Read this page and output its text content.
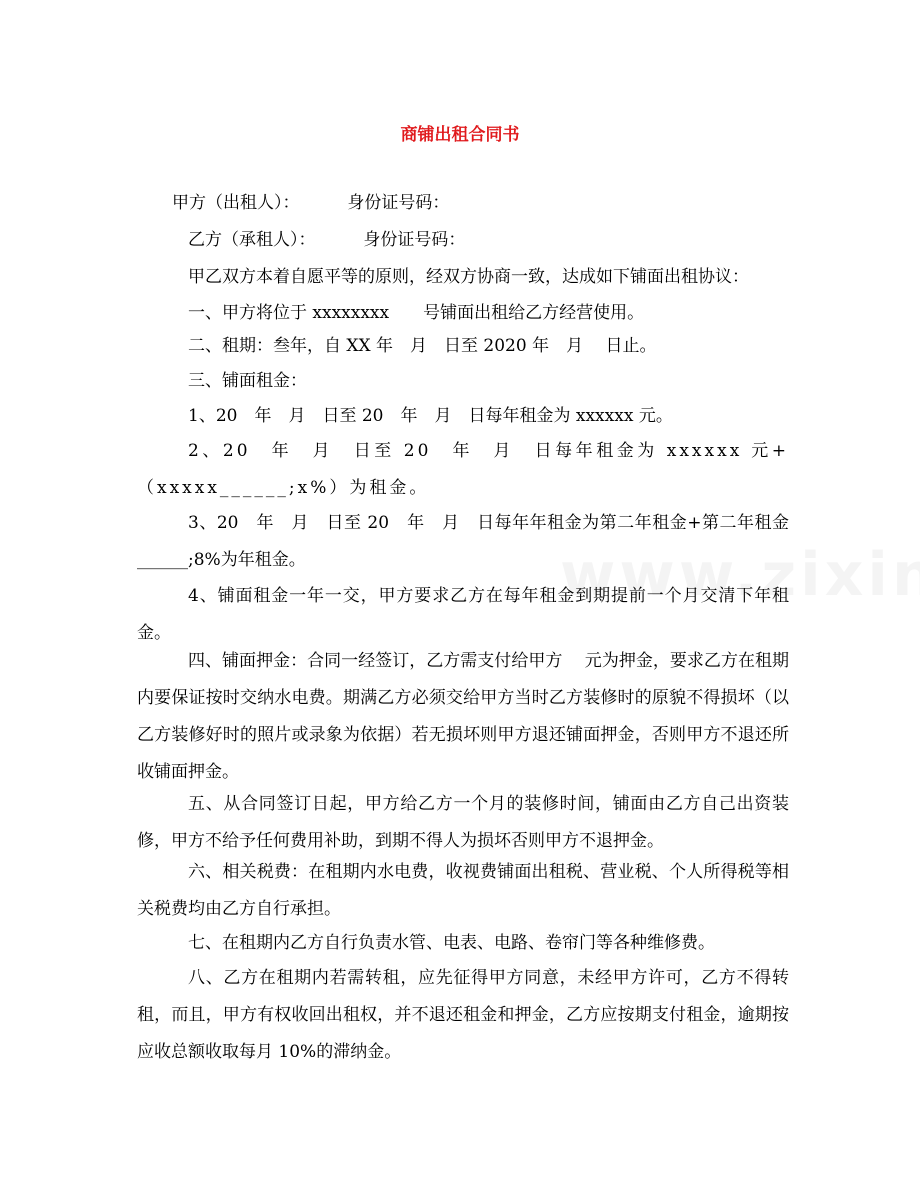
商铺出租合同书
甲方（出租人）：　　　 身份证号码：
乙方（承租人）：　　　 身份证号码：
甲乙双方本着自愿平等的原则，经双方协商一致，达成如下铺面出租协议：
一、甲方将位于 xxxxxxxx　　号铺面出租给乙方经营使用。
二、租期：叁年，自 XX 年　月　日至 2020 年　月　 日止。
三、铺面租金：
1、20　年　月　日至 20　年　月　日每年租金为 xxxxxx 元。
2、20　年　月　日至 20　年　月　日每年租金为 xxxxxx 元+（xxxxx______;x%）为租金。
3、20　年　月　日至 20　年　月　日每年年租金为第二年租金+第二年租金______;8%为年租金。
4、铺面租金一年一交，甲方要求乙方在每年租金到期提前一个月交清下年租金。
四、铺面押金：合同一经签订，乙方需支付给甲方　 元为押金，要求乙方在租期内要保证按时交纳水电费。期满乙方必须交给甲方当时乙方装修时的原貌不得损坏（以乙方装修好时的照片或录象为依据）若无损坏则甲方退还铺面押金，否则甲方不退还所收铺面押金。
五、从合同签订日起，甲方给乙方一个月的装修时间，铺面由乙方自己出资装修，甲方不给予任何费用补助，到期不得人为损坏否则甲方不退押金。
六、相关税费：在租期内水电费，收视费铺面出租税、营业税、个人所得税等相关税费均由乙方自行承担。
七、在租期内乙方自行负责水管、电表、电路、卷帘门等各种维修费。
八、乙方在租期内若需转租，应先征得甲方同意，未经甲方许可，乙方不得转租，而且，甲方有权收回出租权，并不退还租金和押金，乙方应按期支付租金，逾期按应收总额收取每月 10%的滞纳金。
